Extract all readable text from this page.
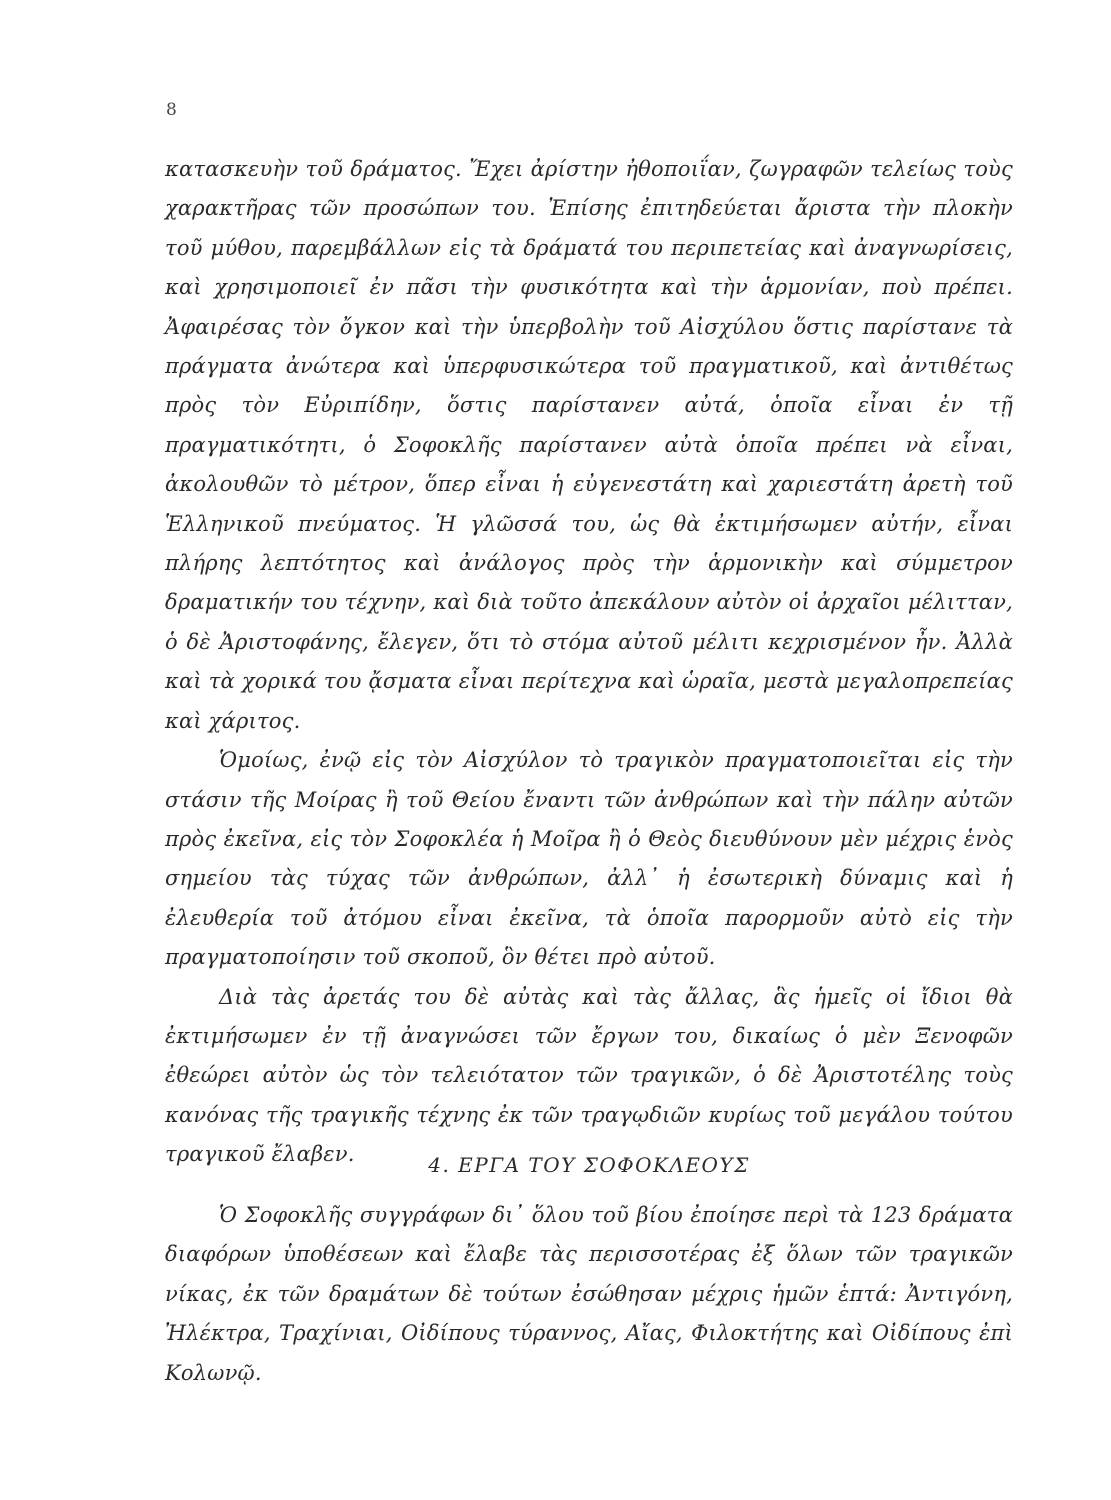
8

κατασκευὴν τοῦ δράματος. Ἔχει ἀρίστην ἠθοποιΐαν, ζωγραφῶν τελείως τοὺς χαρακτῆρας τῶν προσώπων του. Ἐπίσης ἐπιτηδεύεται ἄριστα τὴν πλοκὴν τοῦ μύθου, παρεμβάλλων εἰς τὰ δράματά του περιπετείας καὶ ἀναγνωρίσεις, καὶ χρησιμοποιεῖ ἐν πᾶσι τὴν φυσικότητα καὶ τὴν ἁρμονίαν, ποὺ πρέπει. Ἀφαιρέσας τὸν ὄγκον καὶ τὴν ὑπερβολὴν τοῦ Αἰσχύλου ὅστις παρίστανε τὰ πράγματα ἀνώτερα καὶ ὑπερφυσικώτερα τοῦ πραγματικοῦ, καὶ ἀντιθέτως πρὸς τὸν Εὐριπίδην, ὅστις παρίστανεν αὐτά, ὁποῖα εἶναι ἐν τῇ πραγματικότητι, ὁ Σοφοκλῆς παρίστανεν αὐτὰ ὁποῖα πρέπει νὰ εἶναι, ἀκολουθῶν τὸ μέτρον, ὅπερ εἶναι ἡ εὐγενεστάτη καὶ χαριεστάτη ἀρετὴ τοῦ Ἑλληνικοῦ πνεύματος. Ἡ γλῶσσά του, ὡς θὰ ἐκτιμήσωμεν αὐτήν, εἶναι πλήρης λεπτότητος καὶ ἀνάλογος πρὸς τὴν ἁρμονικὴν καὶ σύμμετρον δραματικήν του τέχνην, καὶ διὰ τοῦτο ἀπεκάλουν αὐτὸν οἱ ἀρχαῖοι μέλιτταν, ὁ δὲ Ἀριστοφάνης, ἔλεγεν, ὅτι τὸ στόμα αὐτοῦ μέλιτι κεχρισμένον ἦν. Ἀλλὰ καὶ τὰ χορικά του ᾄσματα εἶναι περίτεχνα καὶ ὡραῖα, μεστὰ μεγαλοπρεπείας καὶ χάριτος.

Ὁμοίως, ἐνῷ εἰς τὸν Αἰσχύλον τὸ τραγικὸν πραγματοποιεῖται εἰς τὴν στάσιν τῆς Μοίρας ἢ τοῦ Θείου ἔναντι τῶν ἀνθρώπων καὶ τὴν πάλην αὐτῶν πρὸς ἐκεῖνα, εἰς τὸν Σοφοκλέα ἡ Μοῖρα ἢ ὁ Θεὸς διευθύνουν μὲν μέχρις ἑνὸς σημείου τὰς τύχας τῶν ἀνθρώπων, ἀλλ᾽ ἡ ἐσωτερικὴ δύναμις καὶ ἡ ἐλευθερία τοῦ ἀτόμου εἶναι ἐκεῖνα, τὰ ὁποῖα παρορμοῦν αὐτὸ εἰς τὴν πραγματοποίησιν τοῦ σκοποῦ, ὃν θέτει πρὸ αὐτοῦ.

Διὰ τὰς ἀρετάς του δὲ αὐτὰς καὶ τὰς ἄλλας, ἃς ἡμεῖς οἱ ἴδιοι θὰ ἐκτιμήσωμεν ἐν τῇ ἀναγνώσει τῶν ἔργων του, δικαίως ὁ μὲν Ξενοφῶν ἐθεώρει αὐτὸν ὡς τὸν τελειότατον τῶν τραγικῶν, ὁ δὲ Ἀριστοτέλης τοὺς κανόνας τῆς τραγικῆς τέχνης ἐκ τῶν τραγῳδιῶν κυρίως τοῦ μεγάλου τούτου τραγικοῦ ἔλαβεν.	4. ΕΡΓΑ ΤΟΥ ΣΟΦΟΚΛΕΟΥΣ

Ὁ Σοφοκλῆς συγγράφων δι᾽ ὅλου τοῦ βίου ἐποίησε περὶ τὰ 123 δράματα διαφόρων ὑποθέσεων καὶ ἔλαβε τὰς περισσοτέρας ἐξ ὅλων τῶν τραγικῶν νίκας, ἐκ τῶν δραμάτων δὲ τούτων ἐσώθησαν μέχρις ἡμῶν ἑπτά: Ἀντιγόνη, Ἠλέκτρα, Τραχίνιαι, Οἰδίπους τύραννος, Αἴας, Φιλοκτήτης καὶ Οἰδίπους ἐπὶ Κολωνῷ.
